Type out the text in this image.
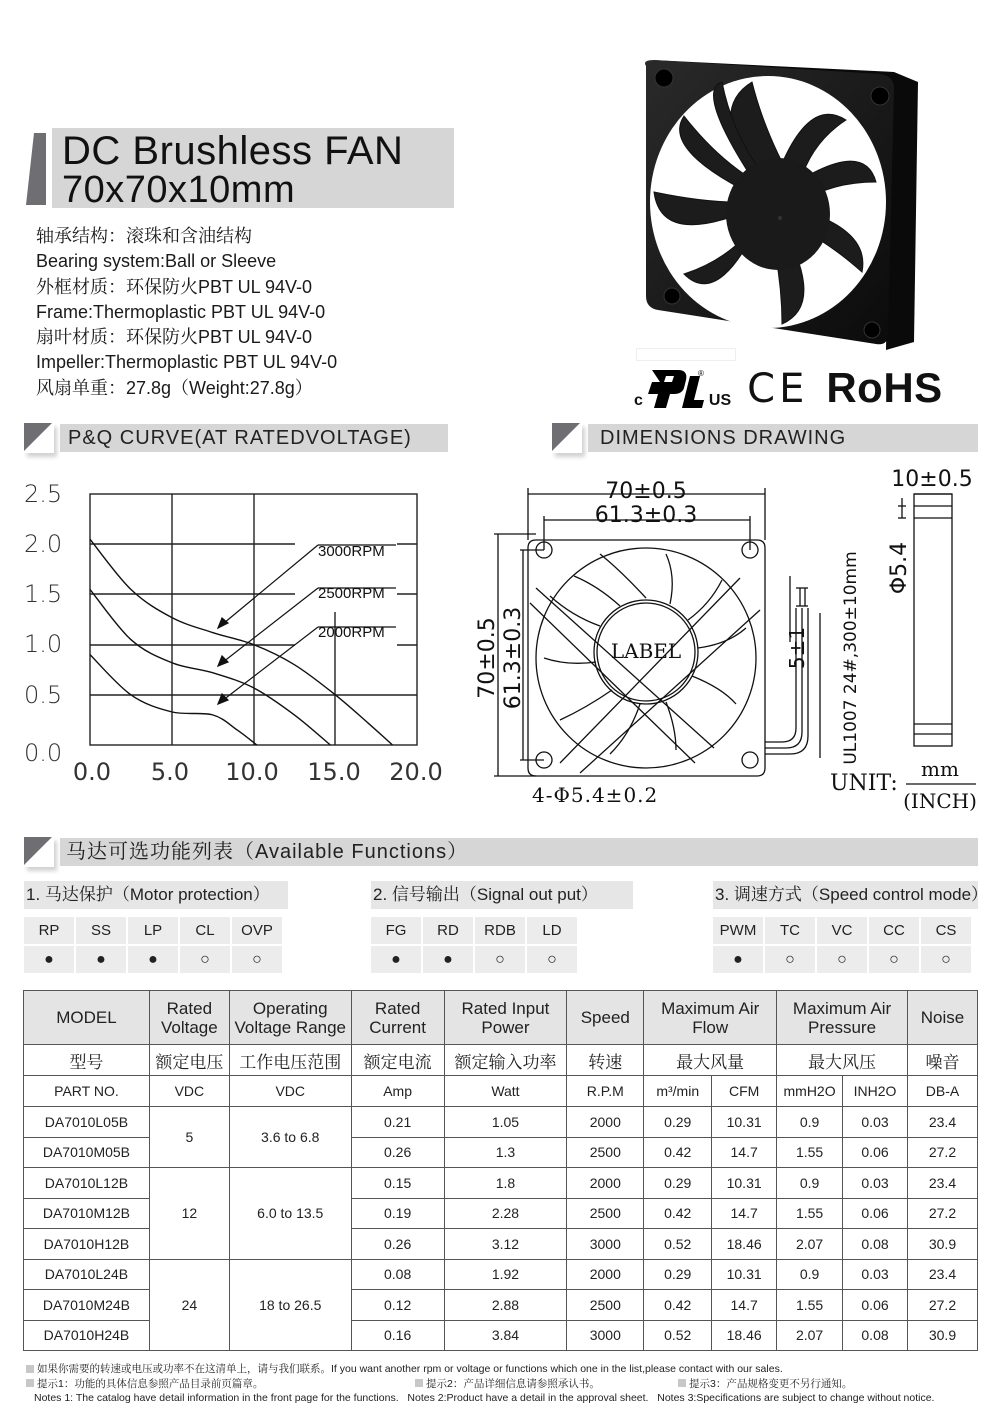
DC Brushless FAN
70x70x10mm
轴承结构：滚珠和含油结构
Bearing system:Ball or Sleeve
外框材质：环保防火PBT UL 94V-0
Frame:Thermoplastic PBT UL 94V-0
扇叶材质：环保防火PBT UL 94V-0
Impeller:Thermoplastic PBT UL 94V-0
风扇单重：27.8g（Weight:27.8g）
c
®
US CE RoHS
P&Q CURVE(AT RATEDVOLTAGE)	DIMENSIONS DRAWING
马达可选功能列表（Available Functions）
3000RPM
2500RPM
2000RPM
2.5
2.0
1.5
1.0
0.5
0.0
0.0 5.0 10.0 15.0 20.0
70±0.5
61.3±0.3
70±0.5 61.3±0.3	5±1 UL1007 24#,300±10mm
10±0.5
Φ5.4
LABEL
4-Φ5.4±0.2	UNIT:
mm
(INCH)
1. 马达保护（Motor protection）
RP	SS	LP	CL	OVP
●	●	●	○	○
2. 信号输出（Signal out put）
FG	RD	RDB	LD
●	●	○	○
3. 调速方式（Speed control mode）
PWM	TC	VC	CC	CS
●	○	○	○	○
MODEL	Rated Voltage	Operating Voltage Range	Rated Current	Rated Input Power	Speed	Maximum Air Flow		Maximum Air Pressure		Noise
型号	额定电压	工作电压范围	额定电流	额定输入功率	转速	最大风量		最大风压		噪音
PART NO.	VDC	VDC	Amp	Watt	R.P.M	m³/min	CFM	mmH2O	INH2O	DB-A
DA7010L05B	5	3.6 to 6.8	0.21	1.05	2000	0.29	10.31	0.9	0.03	23.4
DA7010M05B			0.26	1.3	2500	0.42	14.7	1.55	0.06	27.2
DA7010L12B	12	6.0 to 13.5	0.15	1.8	2000	0.29	10.31	0.9	0.03	23.4
DA7010M12B			0.19	2.28	2500	0.42	14.7	1.55	0.06	27.2
DA7010H12B			0.26	3.12	3000	0.52	18.46	2.07	0.08	30.9
DA7010L24B	24	18 to 26.5	0.08	1.92	2000	0.29	10.31	0.9	0.03	23.4
DA7010M24B			0.12	2.88	2500	0.42	14.7	1.55	0.06	27.2
DA7010H24B			0.16	3.84	3000	0.52	18.46	2.07	0.08	30.9
如果你需要的转速或电压或功率不在这清单上，请与我们联系。If you want another rpm or voltage or functions which one in the list,please contact with our sales.
提示1：功能的具体信息参照产品目录前页篇章。	提示2：产品详细信息请参照承认书。	提示3：产品规格变更不另行通知。
Notes 1: The catalog have detail information in the front page for the functions. Notes 2:Product have a detail in the approval sheet. Notes 3:Specifications are subject to change without notice.
